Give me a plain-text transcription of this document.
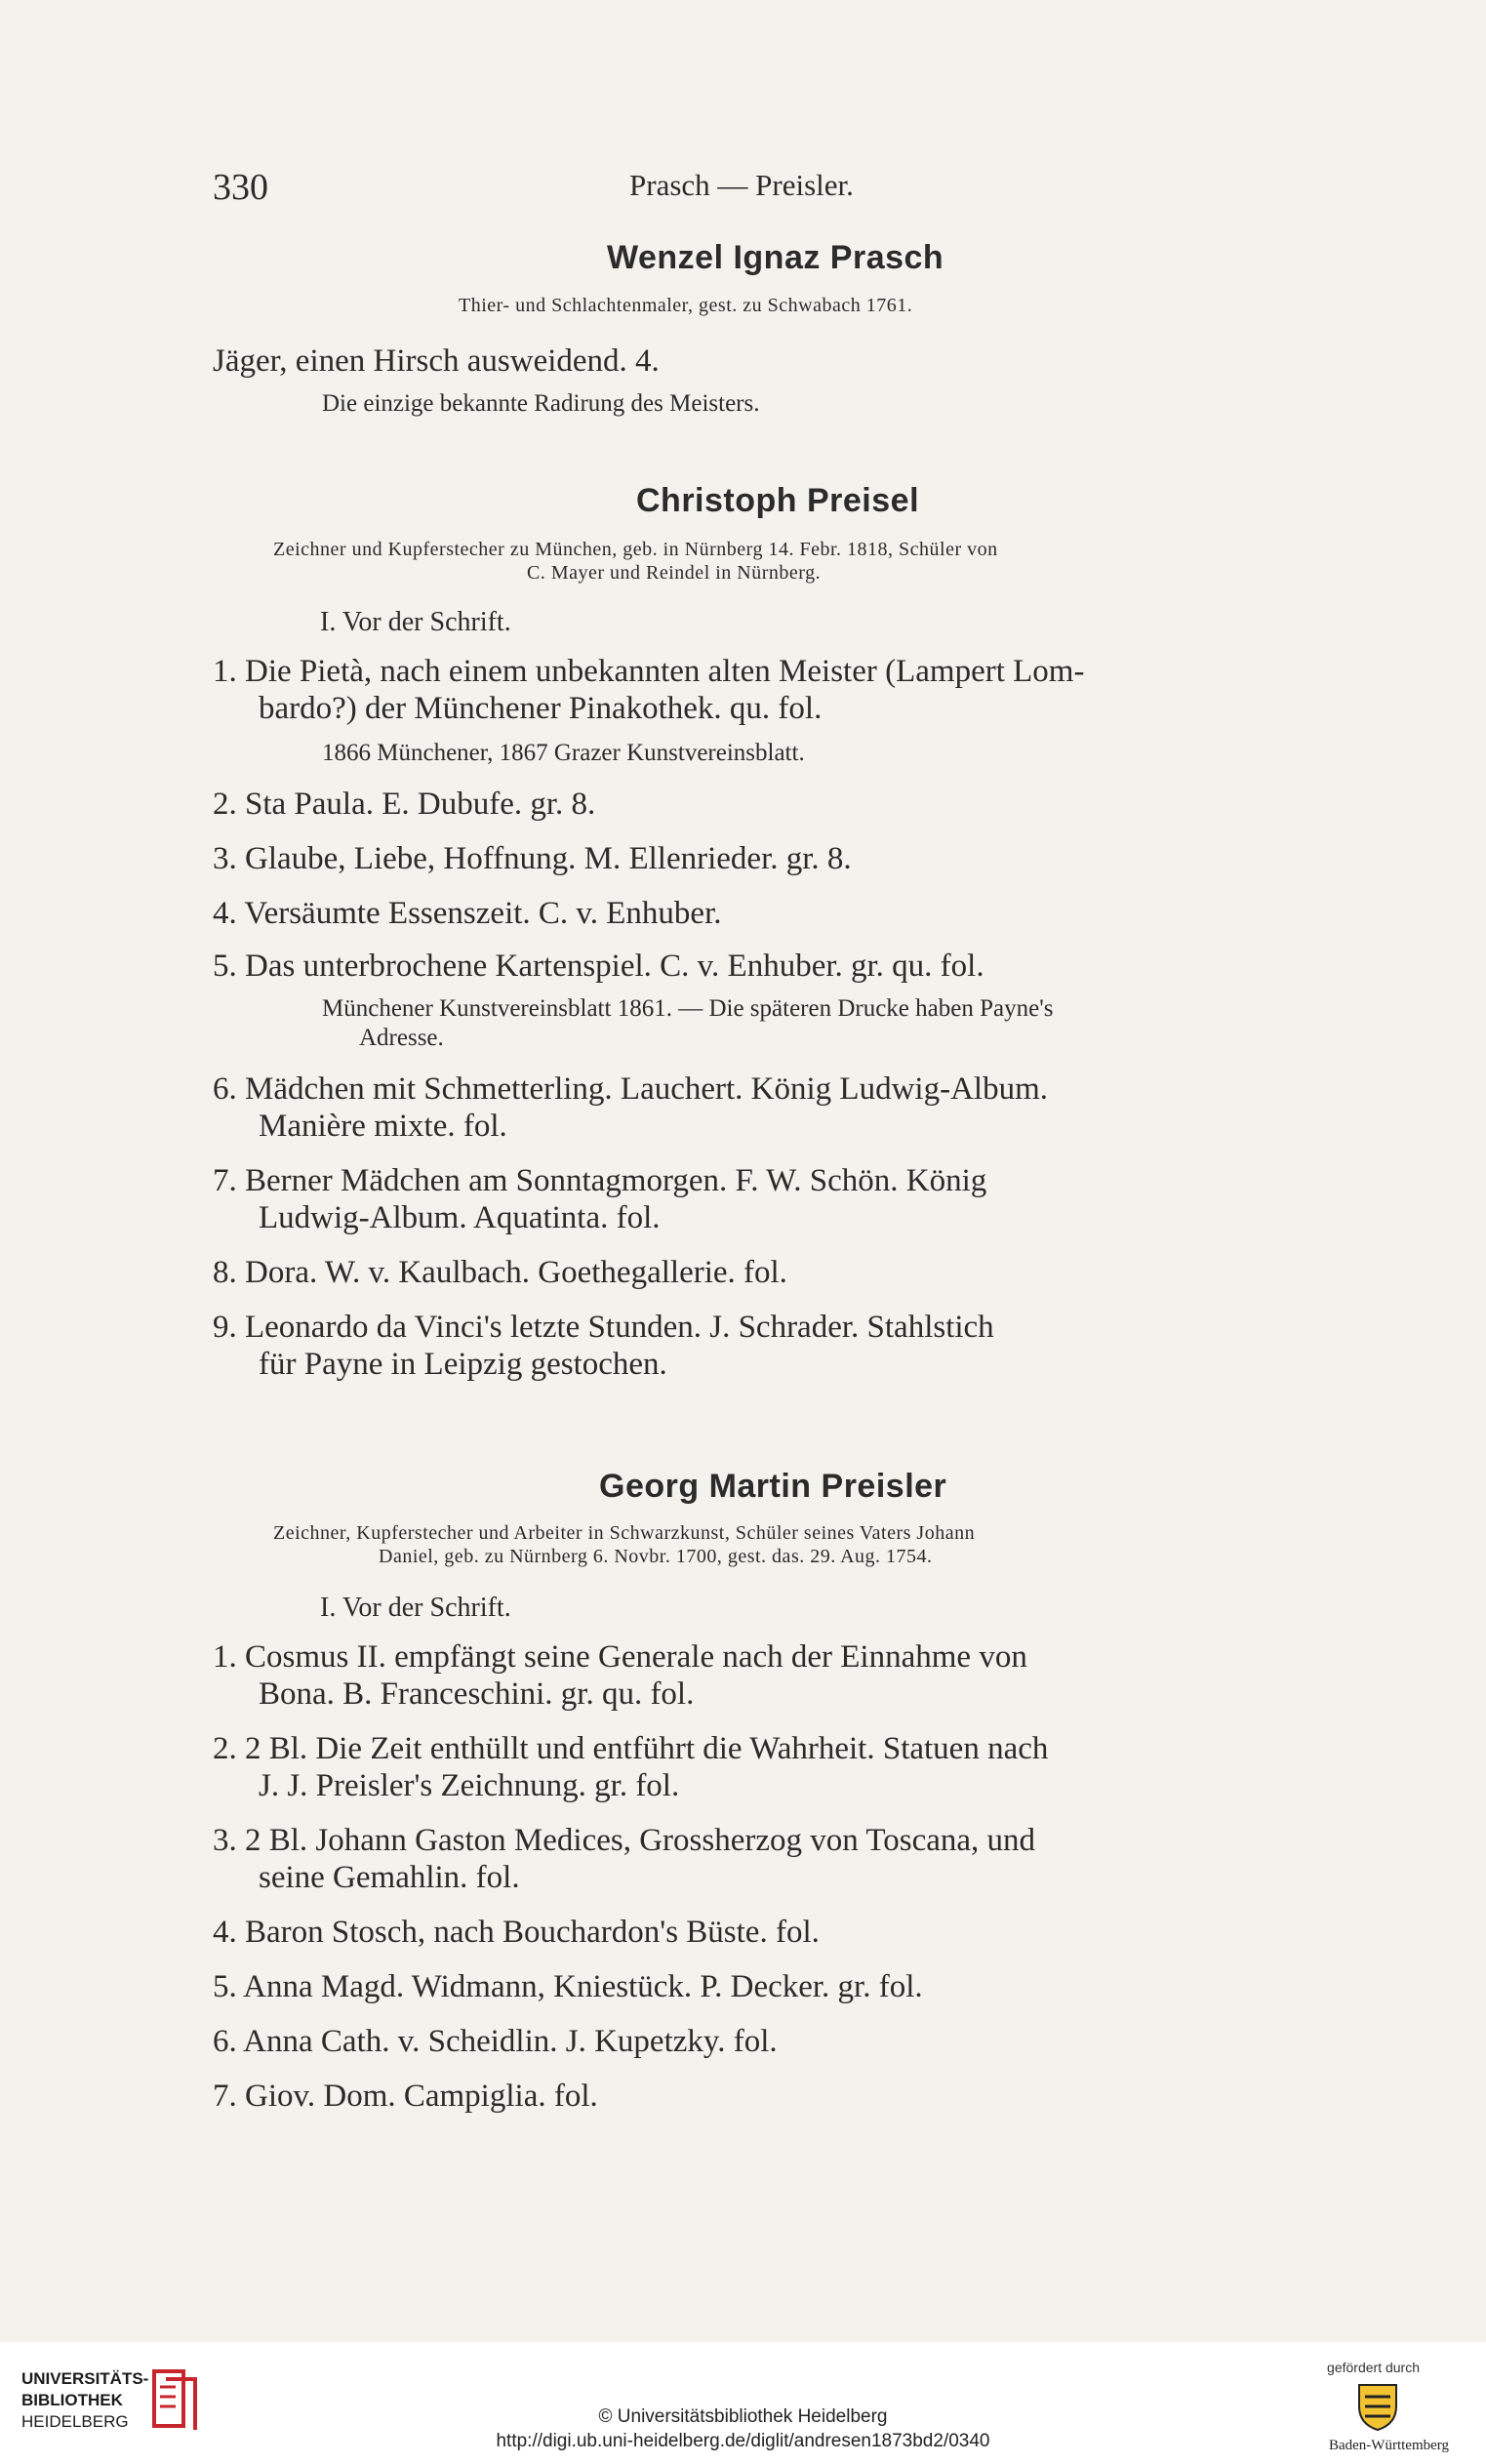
330	Prasch — Preisler.
Wenzel Ignaz Prasch
Thier- und Schlachtenmaler, gest. zu Schwabach 1761.
Jäger, einen Hirsch ausweidend. 4.
Die einzige bekannte Radirung des Meisters.
Christoph Preisel
Zeichner und Kupferstecher zu München, geb. in Nürnberg 14. Febr. 1818, Schüler von
C. Mayer und Reindel in Nürnberg.
I. Vor der Schrift.
1. Die Pietà, nach einem unbekannten alten Meister (Lampert Lom-
bardo?) der Münchener Pinakothek. qu. fol.
1866 Münchener, 1867 Grazer Kunstvereinsblatt.
2. Sta Paula. E. Dubufe. gr. 8.
3. Glaube, Liebe, Hoffnung. M. Ellenrieder. gr. 8.
4. Versäumte Essenszeit. C. v. Enhuber.
5. Das unterbrochene Kartenspiel. C. v. Enhuber. gr. qu. fol.
Münchener Kunstvereinsblatt 1861. — Die späteren Drucke haben Payne's
Adresse.
6. Mädchen mit Schmetterling. Lauchert. König Ludwig-Album.
Manière mixte. fol.
7. Berner Mädchen am Sonntagmorgen. F. W. Schön. König
Ludwig-Album. Aquatinta. fol.
8. Dora. W. v. Kaulbach. Goethegallerie. fol.
9. Leonardo da Vinci's letzte Stunden. J. Schrader. Stahlstich
für Payne in Leipzig gestochen.
Georg Martin Preisler
Zeichner, Kupferstecher und Arbeiter in Schwarzkunst, Schüler seines Vaters Johann
Daniel, geb. zu Nürnberg 6. Novbr. 1700, gest. das. 29. Aug. 1754.
I. Vor der Schrift.
1. Cosmus II. empfängt seine Generale nach der Einnahme von
Bona. B. Franceschini. gr. qu. fol.
2. 2 Bl. Die Zeit enthüllt und entführt die Wahrheit. Statuen nach
J. J. Preisler's Zeichnung. gr. fol.
3. 2 Bl. Johann Gaston Medices, Grossherzog von Toscana, und
seine Gemahlin. fol.
4. Baron Stosch, nach Bouchardon's Büste. fol.
5. Anna Magd. Widmann, Kniestück. P. Decker. gr. fol.
6. Anna Cath. v. Scheidlin. J. Kupetzky. fol.
7. Giov. Dom. Campiglia. fol.
UNIVERSITÄTS-
BIBLIOTHEK
HEIDELBERG	© Universitätsbibliothek Heidelberg
http://digi.ub.uni-heidelberg.de/diglit/andresen1873bd2/0340
gefördert durch
Baden-Württemberg
